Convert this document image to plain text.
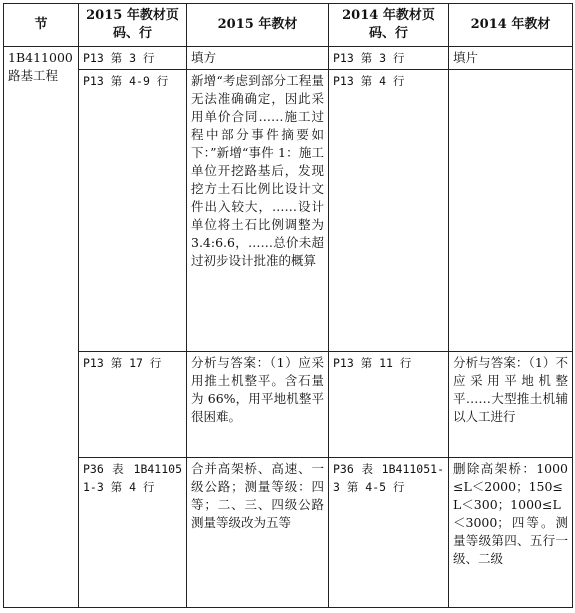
节	2015 年教材页码、行	2015 年教材	2014 年教材页码、行	2014 年教材
1B411000 路基工程	P13 第 3 行	填方	P13 第 3 行	填片
	P13 第 4-9 行	新增“考虑到部分工程量无法准确确定，因此采用单价合同……施工过程中部分事件摘要如下：”新增“事件 1：施工单位开挖路基后，发现挖方土石比例比设计文件出入较大，……设计单位将土石比例调整为 3.4:6.6，……总价未超过初步设计批准的概算	P13 第 4 行	
	P13 第 17 行	分析与答案：（1）应采用推土机整平。含石量为 66%，用平地机整平很困难。	P13 第 11 行	分析与答案：（1）不应采用平地机整平……大型推土机辅以人工进行
	P36 表 1B411051-3 第 4 行	合并高架桥、高速、一级公路；测量等级：四等；二、三、四级公路测量等级改为五等	P36 表 1B411051-3 第 4-5 行	删除高架桥：1000≤L＜2000；150≤L＜300；1000≤L＜3000；四等。测量等级第四、五行一级、二级
